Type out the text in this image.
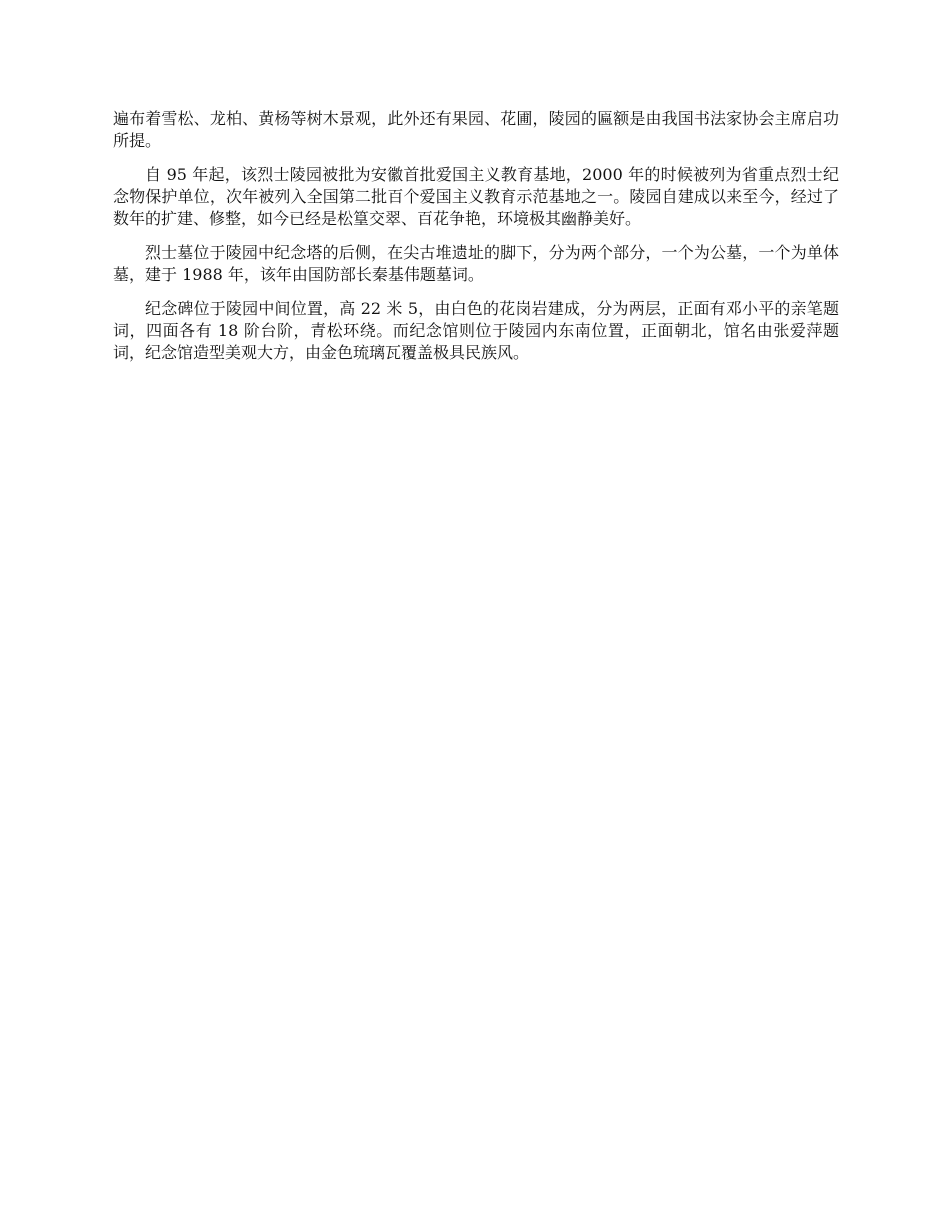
遍布着雪松、龙柏、黄杨等树木景观，此外还有果园、花圃，陵园的匾额是由我国书法家协会主席启功所提。

自 95 年起，该烈士陵园被批为安徽首批爱国主义教育基地，2000 年的时候被列为省重点烈士纪念物保护单位，次年被列入全国第二批百个爱国主义教育示范基地之一。陵园自建成以来至今，经过了数年的扩建、修整，如今已经是松篁交翠、百花争艳，环境极其幽静美好。

烈士墓位于陵园中纪念塔的后侧，在尖古堆遗址的脚下，分为两个部分，一个为公墓，一个为单体墓，建于 1988 年，该年由国防部长秦基伟题墓词。

纪念碑位于陵园中间位置，高 22 米 5，由白色的花岗岩建成，分为两层，正面有邓小平的亲笔题词，四面各有 18 阶台阶，青松环绕。而纪念馆则位于陵园内东南位置，正面朝北，馆名由张爱萍题词，纪念馆造型美观大方，由金色琉璃瓦覆盖极具民族风。
